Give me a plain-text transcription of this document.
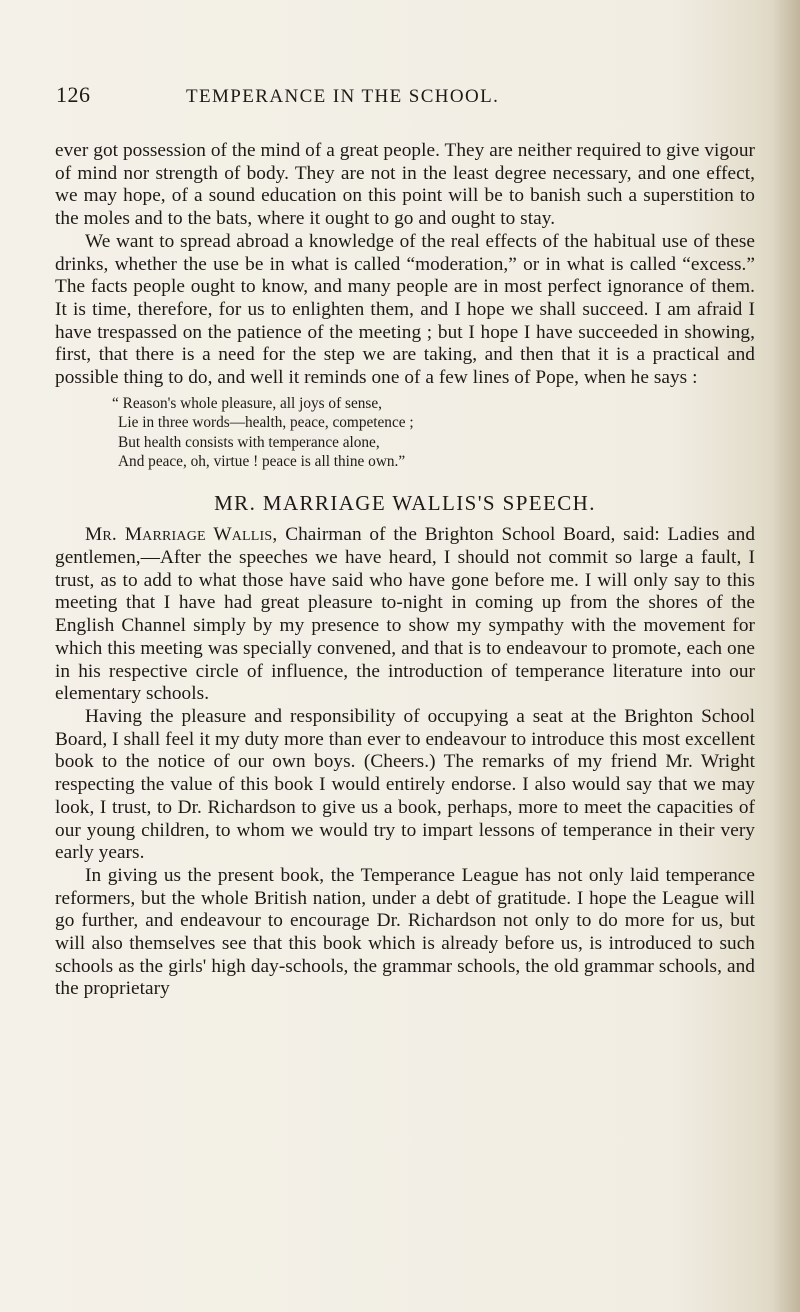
126	TEMPERANCE IN THE SCHOOL.

ever got possession of the mind of a great people. They are neither required to give vigour of mind nor strength of body. They are not in the least degree necessary, and one effect, we may hope, of a sound education on this point will be to banish such a superstition to the moles and to the bats, where it ought to go and ought to stay.

We want to spread abroad a knowledge of the real effects of the habitual use of these drinks, whether the use be in what is called “moderation,” or in what is called “excess.” The facts people ought to know, and many people are in most perfect ignorance of them. It is time, therefore, for us to enlighten them, and I hope we shall succeed. I am afraid I have trespassed on the patience of the meeting ; but I hope I have succeeded in showing, first, that there is a need for the step we are taking, and then that it is a practical and possible thing to do, and well it reminds one of a few lines of Pope, when he says :

“ Reason's whole pleasure, all joys of sense,
Lie in three words—health, peace, competence ;
But health consists with temperance alone,
And peace, oh, virtue ! peace is all thine own.”
MR. MARRIAGE WALLIS'S SPEECH.

Mr. Marriage Wallis, Chairman of the Brighton School Board, said: Ladies and gentlemen,—After the speeches we have heard, I should not commit so large a fault, I trust, as to add to what those have said who have gone before me. I will only say to this meeting that I have had great pleasure to-night in coming up from the shores of the English Channel simply by my presence to show my sympathy with the movement for which this meeting was specially convened, and that is to endeavour to promote, each one in his respective circle of influence, the introduction of temperance literature into our elementary schools.

Having the pleasure and responsibility of occupying a seat at the Brighton School Board, I shall feel it my duty more than ever to endeavour to introduce this most excellent book to the notice of our own boys. (Cheers.) The remarks of my friend Mr. Wright respecting the value of this book I would entirely endorse. I also would say that we may look, I trust, to Dr. Richardson to give us a book, perhaps, more to meet the capacities of our young children, to whom we would try to impart lessons of temperance in their very early years.

In giving us the present book, the Temperance League has not only laid temperance reformers, but the whole British nation, under a debt of gratitude. I hope the League will go further, and endeavour to encourage Dr. Richardson not only to do more for us, but will also themselves see that this book which is already before us, is introduced to such schools as the girls' high day-schools, the grammar schools, the old grammar schools, and the proprietary
